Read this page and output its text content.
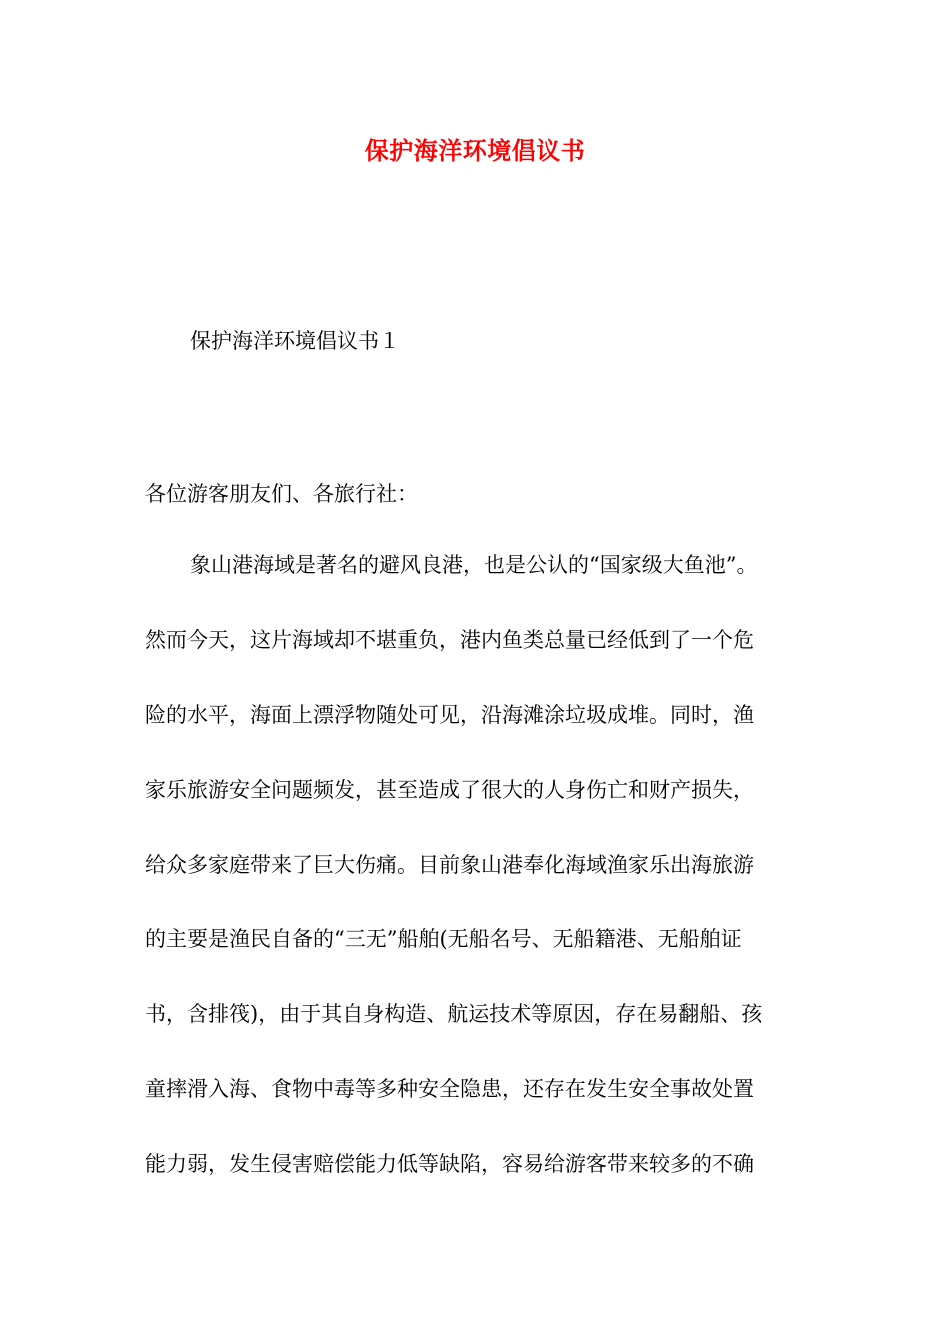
保护海洋环境倡议书
保护海洋环境倡议书１
各位游客朋友们、各旅行社：
象山港海域是著名的避风良港，也是公认的“国家级大鱼池”。
然而今天，这片海域却不堪重负，港内鱼类总量已经低到了一个危
险的水平，海面上漂浮物随处可见，沿海滩涂垃圾成堆。同时，渔
家乐旅游安全问题频发，甚至造成了很大的人身伤亡和财产损失，
给众多家庭带来了巨大伤痛。目前象山港奉化海域渔家乐出海旅游
的主要是渔民自备的“三无”船舶(无船名号、无船籍港、无船舶证
书，含排筏)，由于其自身构造、航运技术等原因，存在易翻船、孩
童摔滑入海、食物中毒等多种安全隐患，还存在发生安全事故处置
能力弱，发生侵害赔偿能力低等缺陷，容易给游客带来较多的不确
